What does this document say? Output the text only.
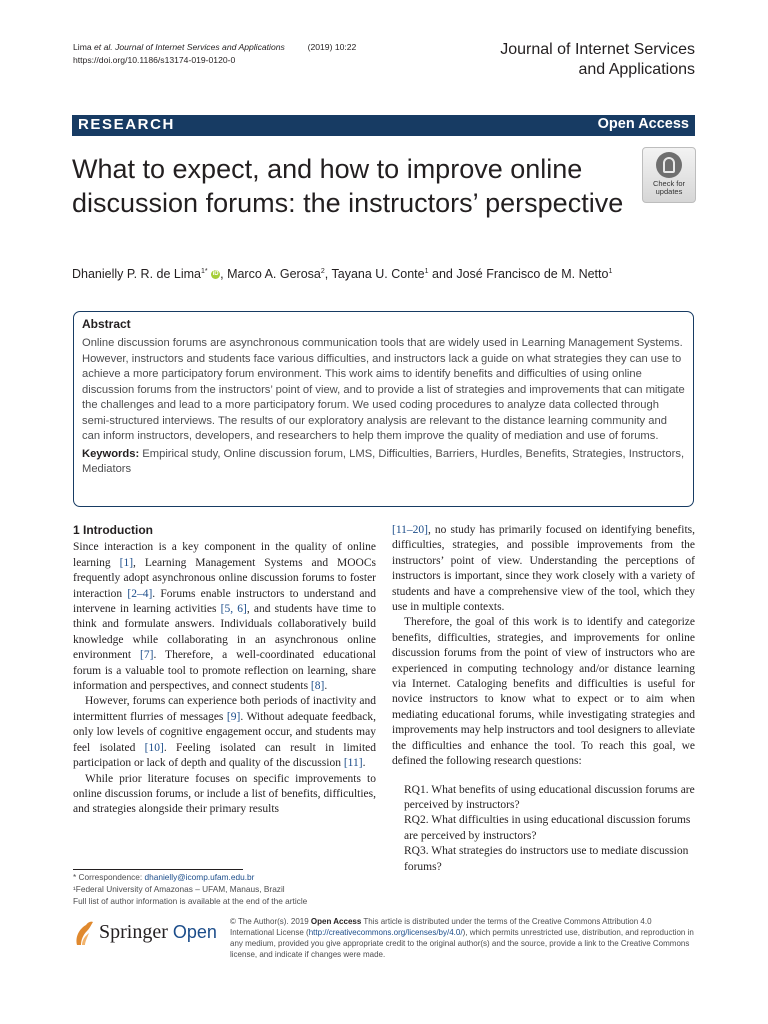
Lima et al. Journal of Internet Services and Applications	(2019) 10:22
https://doi.org/10.1186/s13174-019-0120-0
Journal of Internet Services
and Applications
RESEARCH	Open Access
What to expect, and how to improve online discussion forums: the instructors’ perspective
Check for
updates
Dhanielly P. R. de Lima$^{1*}$ iD , Marco A. Gerosa$^2$, Tayana U. Conte$^1$ and José Francisco de M. Netto$^1$
Abstract

Online discussion forums are asynchronous communication tools that are widely used in Learning Management Systems. However, instructors and students face various difficulties, and instructors lack a guide on what strategies they can use to achieve a more participatory forum environment. This work aims to identify benefits and difficulties of using online discussion forums from the instructors’ point of view, and to provide a list of strategies and improvements that can mitigate the challenges and lead to a more participatory forum. We used coding procedures to analyze data collected through semi-structured interviews. The results of our exploratory analysis are relevant to the distance learning community and can inform instructors, developers, and researchers to help them improve the quality of mediation and use of forums.

Keywords: Empirical study, Online discussion forum, LMS, Difficulties, Barriers, Hurdles, Benefits, Strategies, Instructors, Mediators

1 Introduction

Since interaction is a key component in the quality of online learning [1], Learning Management Systems and MOOCs frequently adopt asynchronous online discussion forums to foster interaction [2–4]. Forums enable instructors to understand and intervene in learning activities [5, 6], and students have time to think and formulate answers. Individuals collaboratively build knowledge while collaborating in an asynchronous online environment [7]. Therefore, a well-coordinated educational forum is a valuable tool to promote reflection on learning, share information and perspectives, and connect students [8].

However, forums can experience both periods of inactivity and intermittent flurries of messages [9]. Without adequate feedback, only low levels of cognitive engagement occur, and students may feel isolated [10]. Feeling isolated can result in limited participation or lack of depth and quality of the discussion [11].

While prior literature focuses on specific improvements to online discussion forums, or include a list of benefits, difficulties, and strategies alongside their primary results

[11–20], no study has primarily focused on identifying benefits, difficulties, strategies, and possible improvements from the instructors’ point of view. Understanding the perceptions of instructors is important, since they work closely with a variety of students and have a comprehensive view of the tool, which they use in multiple contexts.

Therefore, the goal of this work is to identify and categorize benefits, difficulties, strategies, and improvements for online discussion forums from the point of view of instructors who are experienced in computing technology and/or distance learning via Internet. Cataloging benefits and difficulties is useful for novice instructors to know what to expect or to aim when mediating educational forums, while investigating strategies and improvements may help instructors and tool designers to alleviate the difficulties and enhance the tool. To reach this goal, we defined the following research questions:

RQ1. What benefits of using educational discussion forums are perceived by instructors?

RQ2. What difficulties in using educational discussion forums are perceived by instructors?

RQ3. What strategies do instructors use to mediate discussion forums?

* Correspondence: dhanielly@icomp.ufam.edu.br
¹Federal University of Amazonas – UFAM, Manaus, Brazil
Full list of author information is available at the end of the article
Springer Open
© The Author(s). 2019 Open Access This article is distributed under the terms of the Creative Commons Attribution 4.0 International License (http://creativecommons.org/licenses/by/4.0/), which permits unrestricted use, distribution, and reproduction in any medium, provided you give appropriate credit to the original author(s) and the source, provide a link to the Creative Commons license, and indicate if changes were made.
